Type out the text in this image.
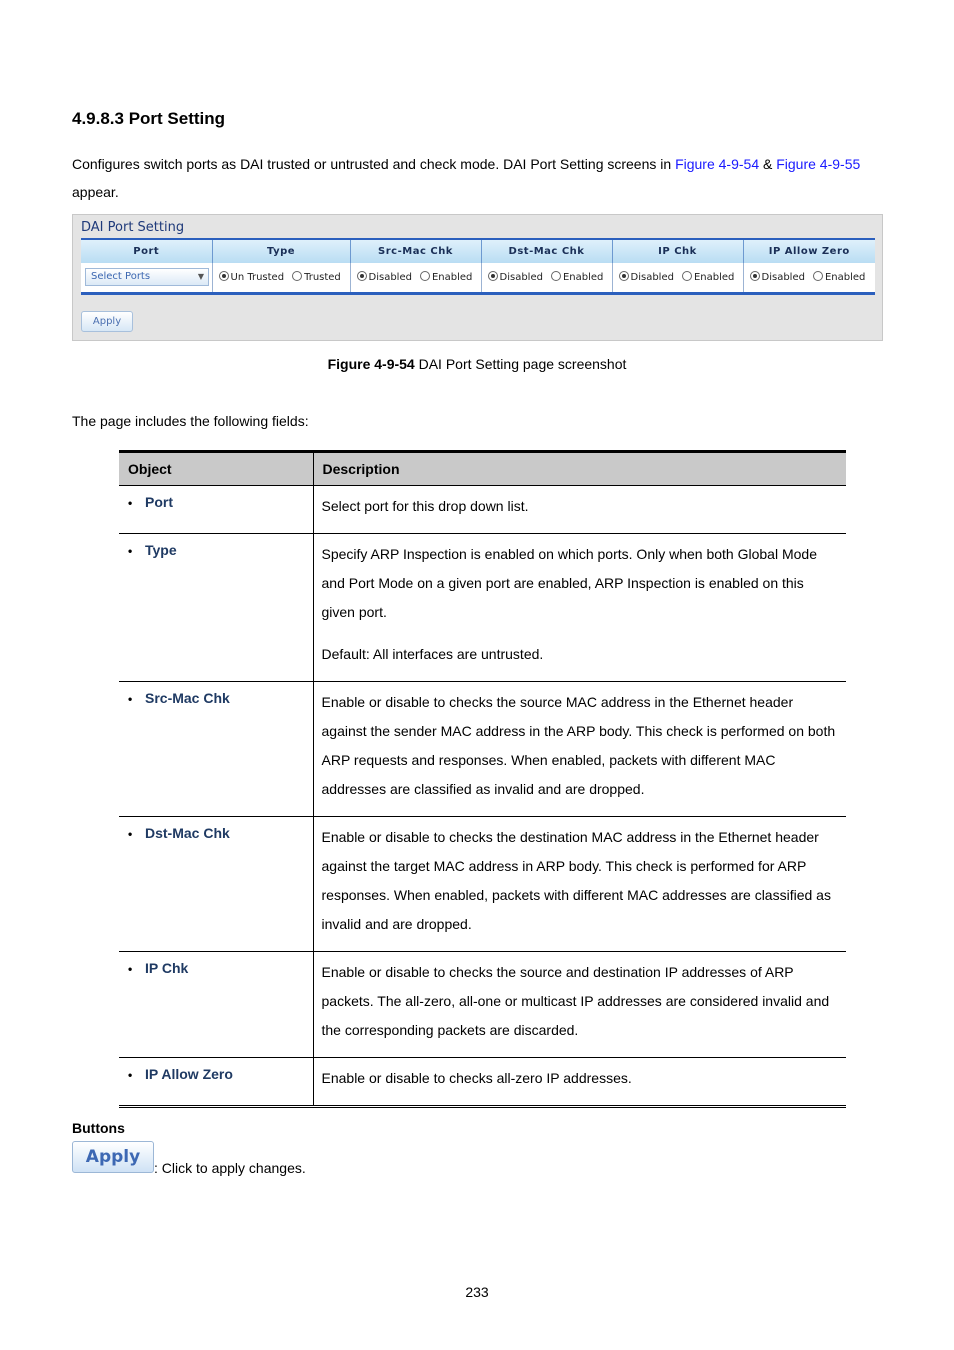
4.9.8.3 Port Setting
Configures switch ports as DAI trusted or untrusted and check mode. DAI Port Setting screens in Figure 4-9-54 & Figure 4-9-55
appear.
DAI Port Setting
Port	Type	Src-Mac Chk	Dst-Mac Chk	IP Chk	IP Allow Zero
Select Ports ▼	Un Trusted Trusted	Disabled Enabled	Disabled Enabled	Disabled Enabled	Disabled Enabled
Apply
Figure 4-9-54 DAI Port Setting page screenshot
The page includes the following fields:
Object	Description
• Port	Select port for this drop down list.

• Type	Specify ARP Inspection is enabled on which ports. Only when both Global Mode and Port Mode on a given port are enabled, ARP Inspection is enabled on this given port.
Default: All interfaces are untrusted.

• Src-Mac Chk	Enable or disable to checks the source MAC address in the Ethernet header against the sender MAC address in the ARP body. This check is performed on both ARP requests and responses. When enabled, packets with different MAC addresses are classified as invalid and are dropped.

• Dst-Mac Chk	Enable or disable to checks the destination MAC address in the Ethernet header against the target MAC address in ARP body. This check is performed for ARP responses. When enabled, packets with different MAC addresses are classified as invalid and are dropped.

• IP Chk	Enable or disable to checks the source and destination IP addresses of ARP packets. The all-zero, all-one or multicast IP addresses are considered invalid and the corresponding packets are discarded.

• IP Allow Zero	Enable or disable to checks all-zero IP addresses.
Buttons
Apply
: Click to apply changes.
233
